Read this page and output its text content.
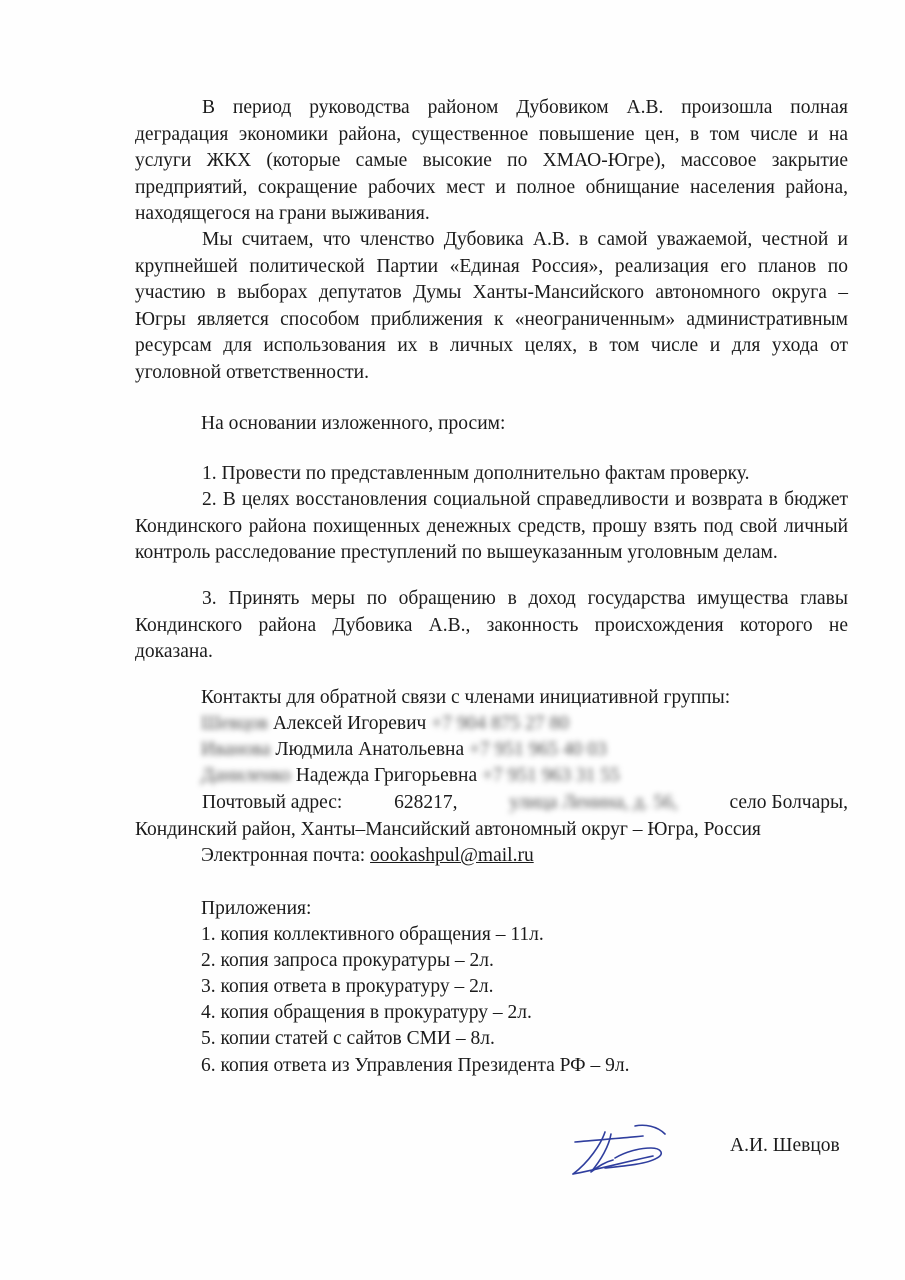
В период руководства районом Дубовиком А.В. произошла полная деградация экономики района, существенное повышение цен, в том числе и на услуги ЖКХ (которые самые высокие по ХМАО-Югре), массовое закрытие предприятий, сокращение рабочих мест и полное обнищание населения района, находящегося на грани выживания.

Мы считаем, что членство Дубовика А.В. в самой уважаемой, честной и крупнейшей политической Партии «Единая Россия», реализация его планов по участию в выборах депутатов Думы Ханты-Мансийского автономного округа – Югры является способом приближения к «неограниченным» административным ресурсам для использования их в личных целях, в том числе и для ухода от уголовной ответственности.

На основании изложенного, просим:

1. Провести по представленным дополнительно фактам проверку.

2. В целях восстановления социальной справедливости и возврата в бюджет Кондинского района похищенных денежных средств, прошу взять под свой личный контроль расследование преступлений по вышеуказанным уголовным делам.

3. Принять меры по обращению в доход государства имущества главы Кондинского района Дубовика А.В., законность происхождения которого не доказана.

Контакты для обратной связи с членами инициативной группы:

Шевцов Алексей Игоревич +7 904 875 27 80

Иванова Людмила Анатольевна +7 951 965 40 03

Даниленко Надежда Григорьевна +7 951 963 31 55

Почтовый адрес:	628217,	улица Ленина, д. 56,	село Болчары,
Кондинский район, Ханты–Мансийский автономный округ – Югра, Россия

Электронная почта: oookashpul@mail.ru

Приложения:

1. копия коллективного обращения – 11л.

2. копия запроса прокуратуры – 2л.

3. копия ответа в прокуратуру – 2л.

4. копия обращения в прокуратуру – 2л.

5. копии статей с сайтов СМИ – 8л.

6. копия ответа из Управления Президента РФ – 9л.

А.И. Шевцов
